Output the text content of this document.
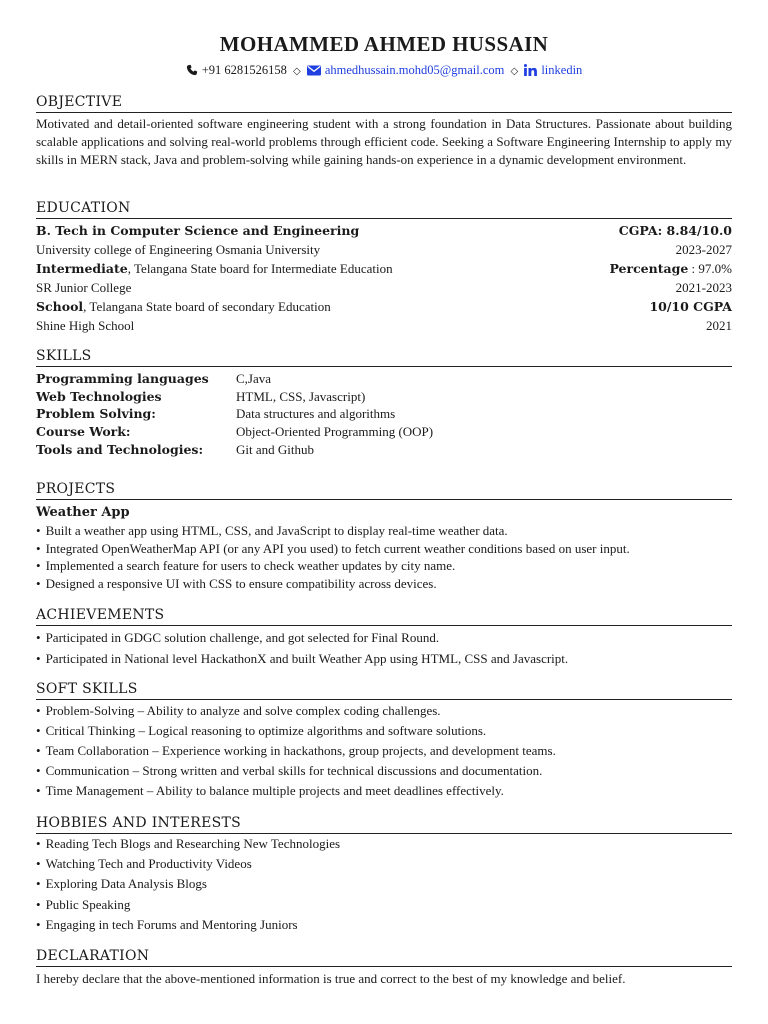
MOHAMMED AHMED HUSSAIN
+91 6281526158 ◇ ahmedhussain.mohd05@gmail.com ◇ linkedin
OBJECTIVE
Motivated and detail-oriented software engineering student with a strong foundation in Data Structures. Passionate about building scalable applications and solving real-world problems through efficient code. Seeking a Software Engineering Internship to apply my skills in MERN stack, Java and problem-solving while gaining hands-on experience in a dynamic development environment.
EDUCATION
B. Tech in Computer Science and Engineering	CGPA: 8.84/10.0
University college of Engineering Osmania University	2023-2027
Intermediate, Telangana State board for Intermediate Education	Percentage : 97.0%
SR Junior College	2021-2023
School, Telangana State board of secondary Education	10/10 CGPA
Shine High School	2021
SKILLS
Programming languages	C,Java
Web Technologies	HTML, CSS, Javascript)
Problem Solving:	Data structures and algorithms
Course Work:	Object-Oriented Programming (OOP)
Tools and Technologies:	Git and Github
PROJECTS
Weather App
• Built a weather app using HTML, CSS, and JavaScript to display real-time weather data.
• Integrated OpenWeatherMap API (or any API you used) to fetch current weather conditions based on user input.
• Implemented a search feature for users to check weather updates by city name.
• Designed a responsive UI with CSS to ensure compatibility across devices.
ACHIEVEMENTS
• Participated in GDGC solution challenge, and got selected for Final Round.
• Participated in National level HackathonX and built Weather App using HTML, CSS and Javascript.
SOFT SKILLS
• Problem-Solving – Ability to analyze and solve complex coding challenges.
• Critical Thinking – Logical reasoning to optimize algorithms and software solutions.
• Team Collaboration – Experience working in hackathons, group projects, and development teams.
• Communication – Strong written and verbal skills for technical discussions and documentation.
• Time Management – Ability to balance multiple projects and meet deadlines effectively.
HOBBIES AND INTERESTS
• Reading Tech Blogs and Researching New Technologies
• Watching Tech and Productivity Videos
• Exploring Data Analysis Blogs
• Public Speaking
• Engaging in tech Forums and Mentoring Juniors
DECLARATION
I hereby declare that the above-mentioned information is true and correct to the best of my knowledge and belief.
